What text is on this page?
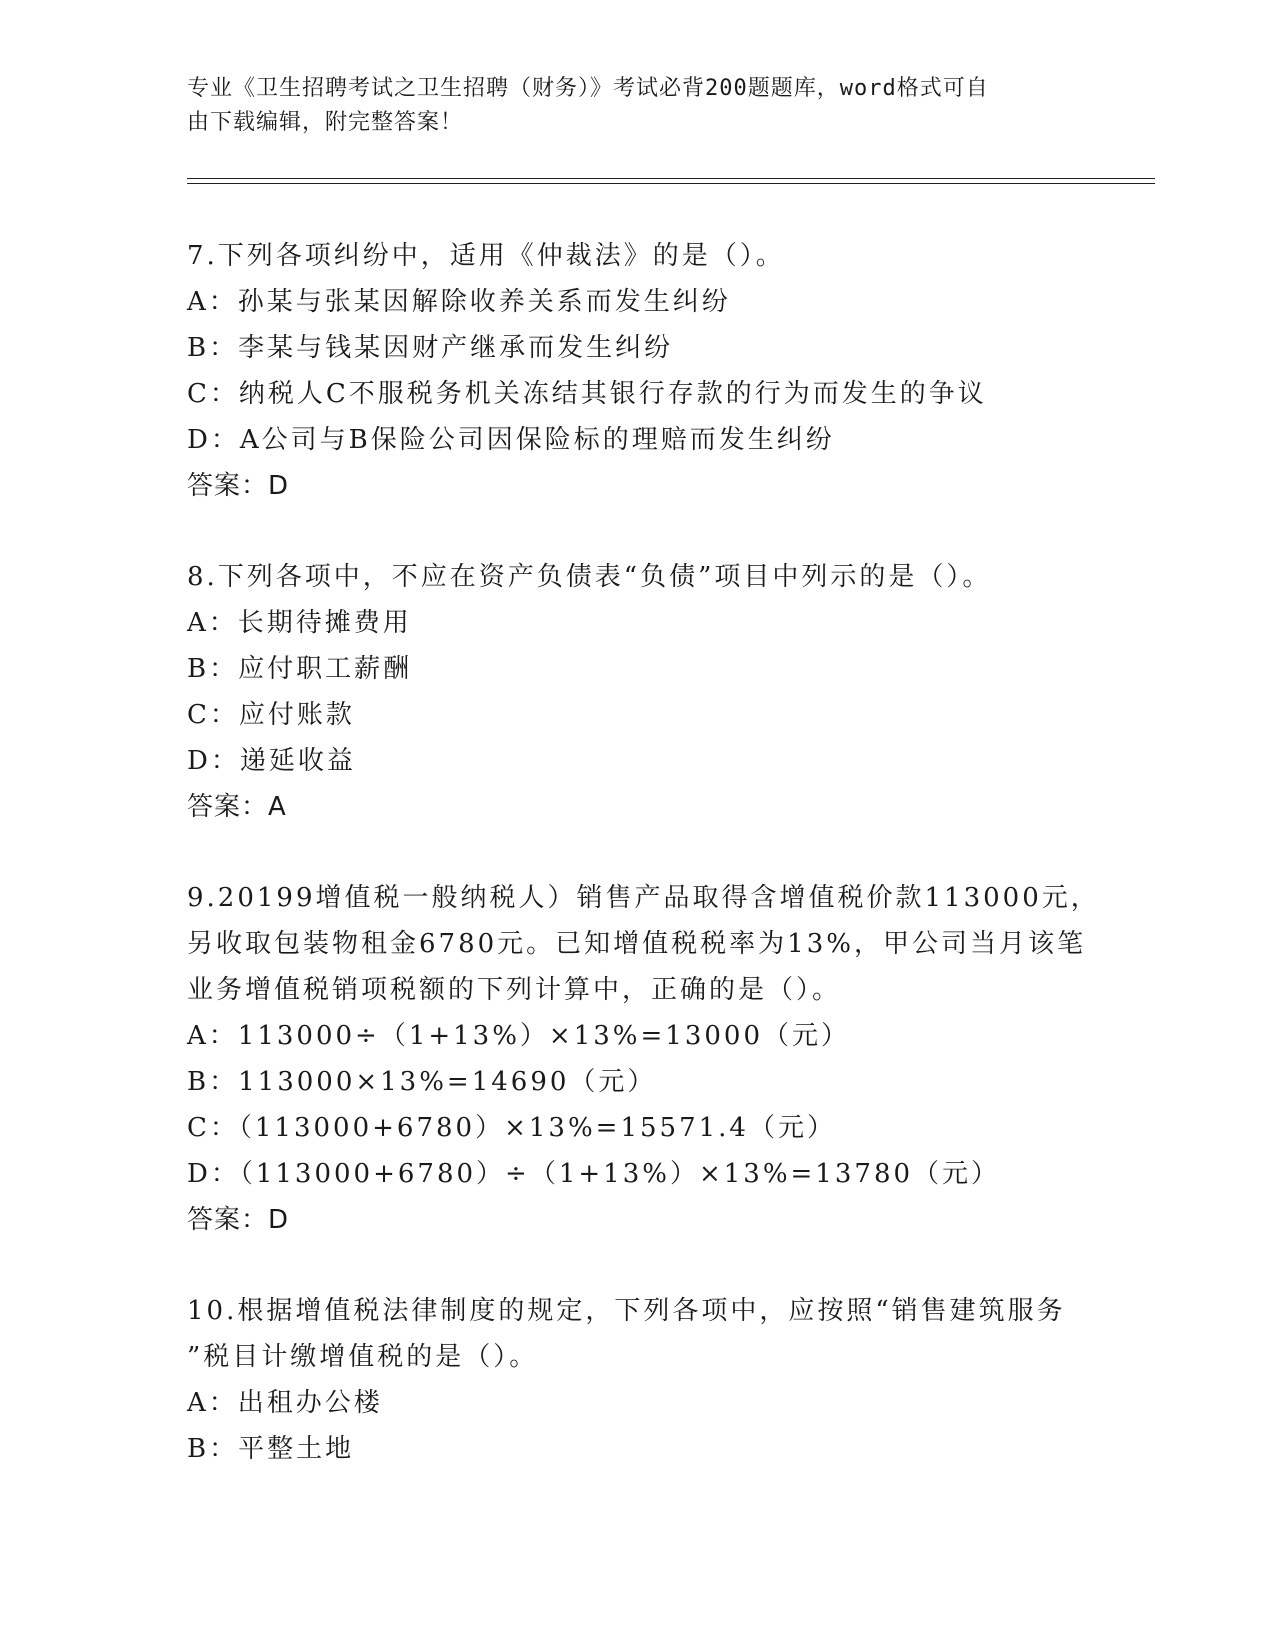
专业《卫生招聘考试之卫生招聘（财务）》考试必背200题题库，word格式可自
由下载编辑，附完整答案！
7.下列各项纠纷中，适用《仲裁法》的是（）。
A：孙某与张某因解除收养关系而发生纠纷
B：李某与钱某因财产继承而发生纠纷
C：纳税人C不服税务机关冻结其银行存款的行为而发生的争议
D：A公司与B保险公司因保险标的理赔而发生纠纷
答案：D
8.下列各项中，不应在资产负债表“负债”项目中列示的是（）。
A：长期待摊费用
B：应付职工薪酬
C：应付账款
D：递延收益
答案：A
9.20199增值税一般纳税人）销售产品取得含增值税价款113000元，
另收取包装物租金6780元。已知增值税税率为13%，甲公司当月该笔
业务增值税销项税额的下列计算中，正确的是（）。
A：113000÷（1+13%）×13%=13000（元）
B：113000×13%=14690（元）
C：（113000+6780）×13%=15571.4（元）
D：（113000+6780）÷（1+13%）×13%=13780（元）
答案：D
10.根据增值税法律制度的规定，下列各项中，应按照“销售建筑服务
”税目计缴增值税的是（）。
A：出租办公楼
B：平整土地
